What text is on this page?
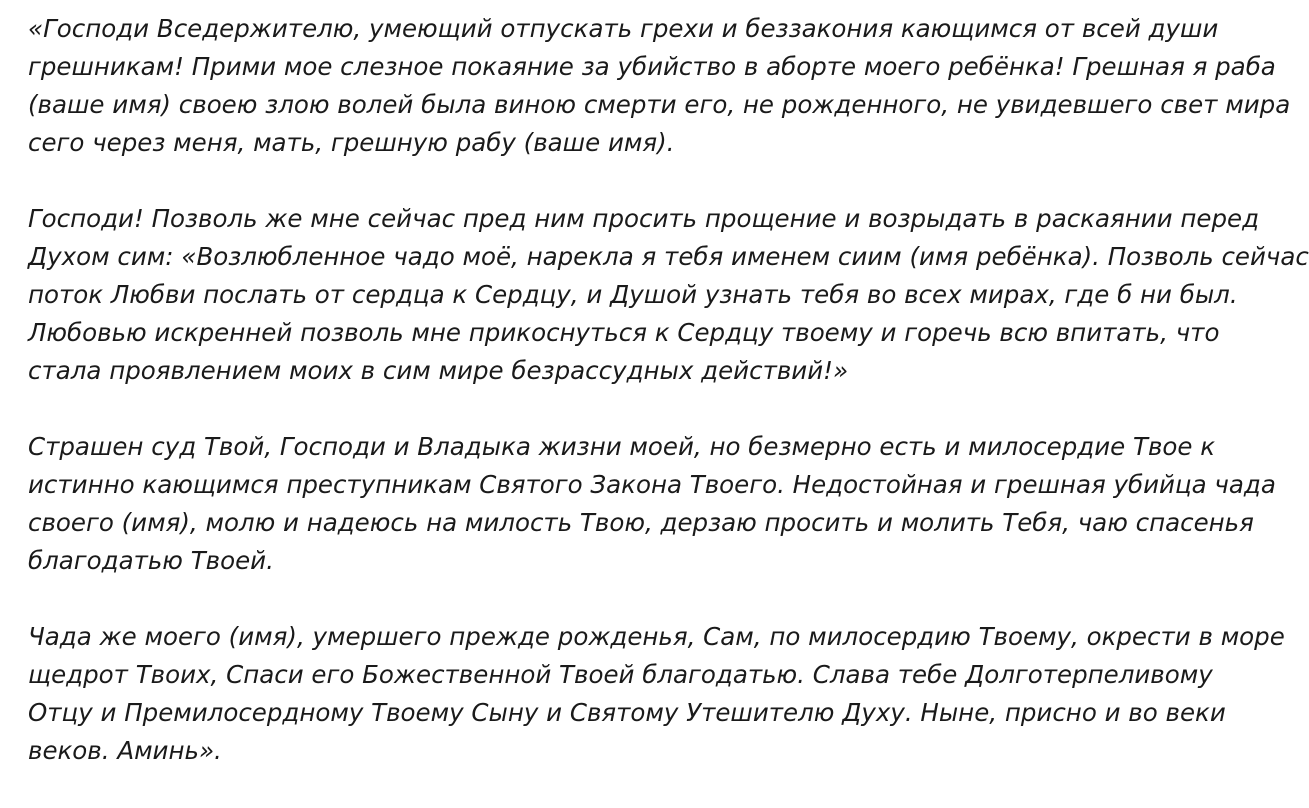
«Господи Вседержителю, умеющий отпускать грехи и беззакония кающимся от всей души
грешникам! Прими мое слезное покаяние за убийство в аборте моего ребёнка! Грешная я раба
(ваше имя) своею злою волей была виною смерти его, не рожденного, не увидевшего свет мира
сего через меня, мать, грешную рабу (ваше имя).

Господи! Позволь же мне сейчас пред ним просить прощение и возрыдать в раскаянии перед
Духом сим: «Возлюбленное чадо моё, нарекла я тебя именем сиим (имя ребёнка). Позволь сейчас
поток Любви послать от сердца к Сердцу, и Душой узнать тебя во всех мирах, где б ни был.
Любовью искренней позволь мне прикоснуться к Сердцу твоему и горечь всю впитать, что
стала проявлением моих в сим мире безрассудных действий!»

Страшен суд Твой, Господи и Владыка жизни моей, но безмерно есть и милосердие Твое к
истинно кающимся преступникам Святого Закона Твоего. Недостойная и грешная убийца чада
своего (имя), молю и надеюсь на милость Твою, дерзаю просить и молить Тебя, чаю спасенья
благодатью Твоей.

Чада же моего (имя), умершего прежде рожденья, Сам, по милосердию Твоему, окрести в море
щедрот Твоих, Спаси его Божественной Твоей благодатью. Слава тебе Долготерпеливому
Отцу и Премилосердному Твоему Сыну и Святому Утешителю Духу. Ныне, присно и во веки
веков. Аминь».
